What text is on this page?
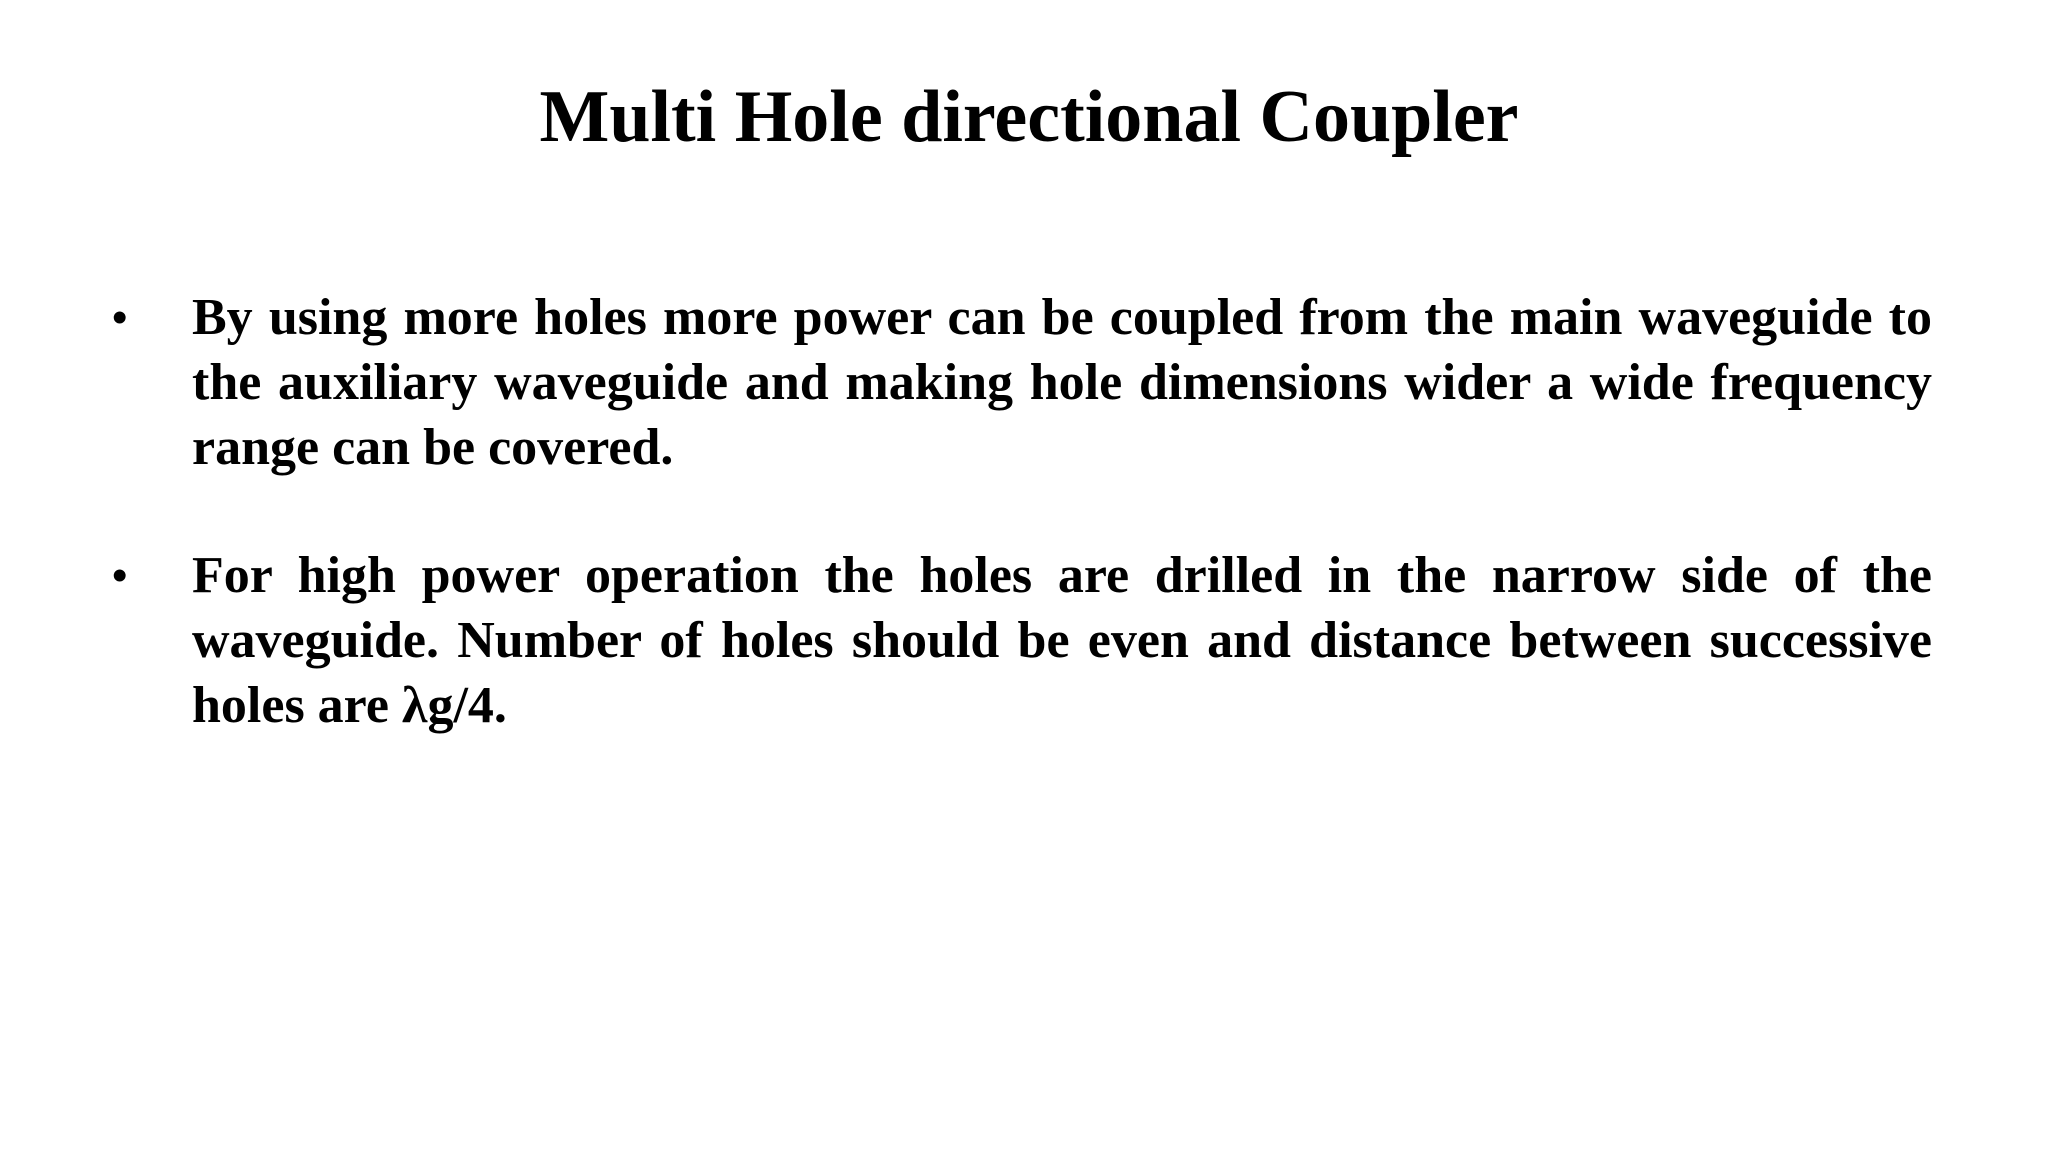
Multi Hole directional Coupler
• By using more holes more power can be coupled from the main waveguide to the auxiliary waveguide and making hole dimensions wider a wide frequency range can be covered.
• For high power operation the holes are drilled in the narrow side of the waveguide. Number of holes should be even and distance between successive holes are λg/4.
